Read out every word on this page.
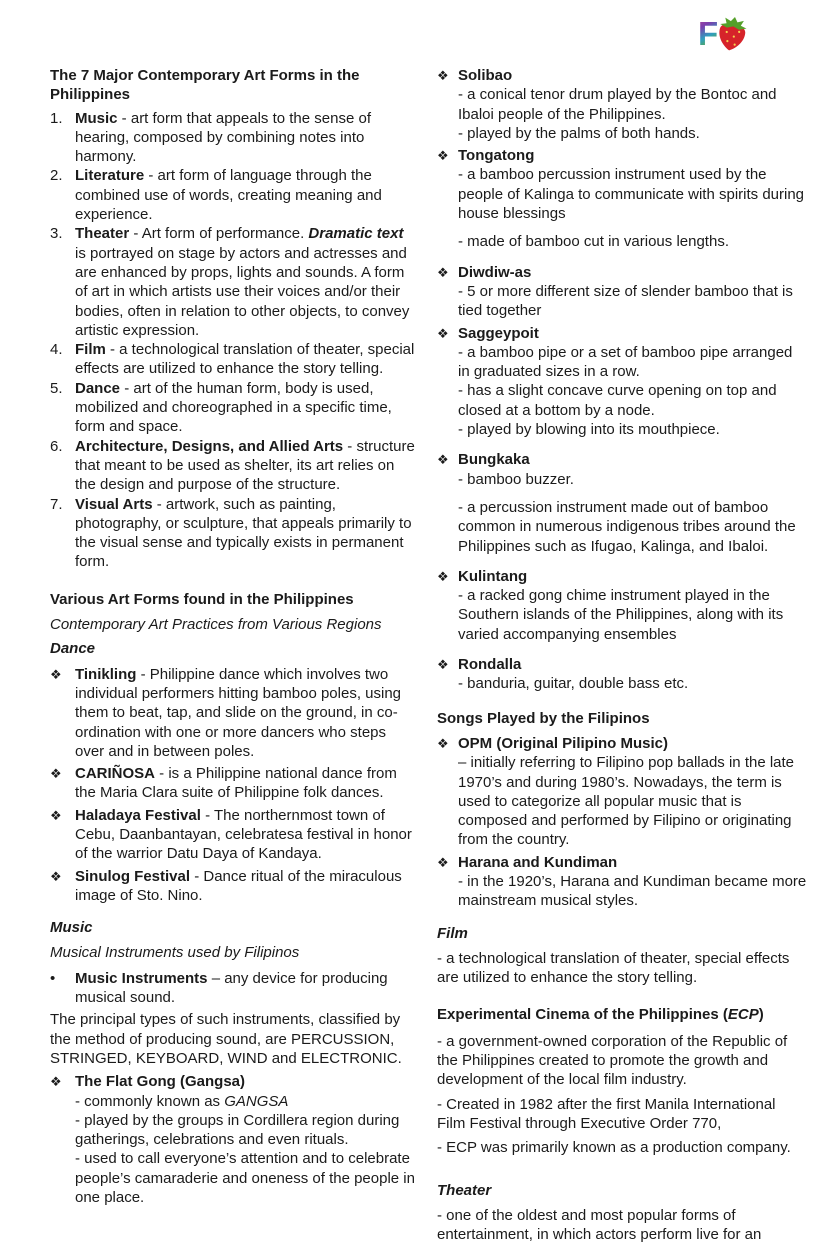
F
The 7 Major Contemporary Art Forms in the Philippines
1. Music - art form that appeals to the sense of hearing, composed by combining notes into harmony.
2. Literature - art form of language through the combined use of words, creating meaning and experience.
3. Theater - Art form of performance. Dramatic text is portrayed on stage by actors and actresses and are enhanced by props, lights and sounds. A form of art in which artists use their voices and/or their bodies, often in relation to other objects, to convey artistic expression.
4. Film - a technological translation of theater, special effects are utilized to enhance the story telling.
5. Dance - art of the human form, body is used, mobilized and choreographed in a specific time, form and space.
6. Architecture, Designs, and Allied Arts - structure that meant to be used as shelter, its art relies on the design and purpose of the structure.
7. Visual Arts - artwork, such as painting, photography, or sculpture, that appeals primarily to the visual sense and typically exists in permanent form.
Various Art Forms found in the Philippines
Contemporary Art Practices from Various Regions
Dance
❖ Tinikling - Philippine dance which involves two individual performers hitting bamboo poles, using them to beat, tap, and slide on the ground, in co-ordination with one or more dancers who steps over and in between poles.
❖ CARIÑOSA - is a Philippine national dance from the Maria Clara suite of Philippine folk dances.
❖ Haladaya Festival - The northernmost town of Cebu, Daanbantayan, celebratesa festival in honor of the warrior Datu Daya of Kandaya.
❖ Sinulog Festival - Dance ritual of the miraculous image of Sto. Nino.
Music
Musical Instruments used by Filipinos
•	Music Instruments – any device for producing musical sound.
The principal types of such instruments, classified by the method of producing sound, are PERCUSSION, STRINGED, KEYBOARD, WIND and ELECTRONIC.
❖ The Flat Gong (Gangsa)
- commonly known as GANGSA
- played by the groups in Cordillera region during gatherings, celebrations and even rituals.
- used to call everyone’s attention and to celebrate people’s camaraderie and oneness of the people in one place.
❖ Solibao
- a conical tenor drum played by the Bontoc and Ibaloi people of the Philippines.
- played by the palms of both hands.
❖ Tongatong
- a bamboo percussion instrument used by the people of Kalinga to communicate with spirits during house blessings
- made of bamboo cut in various lengths.
❖ Diwdiw-as
- 5 or more different size of slender bamboo that is tied together
❖ Saggeypoit
- a bamboo pipe or a set of bamboo pipe arranged in graduated sizes in a row.
- has a slight concave curve opening on top and closed at a bottom by a node.
- played by blowing into its mouthpiece.
❖ Bungkaka
- bamboo buzzer.
- a percussion instrument made out of bamboo common in numerous indigenous tribes around the Philippines such as Ifugao, Kalinga, and Ibaloi.
❖ Kulintang
- a racked gong chime instrument played in the Southern islands of the Philippines, along with its varied accompanying ensembles
❖ Rondalla
- banduria, guitar, double bass etc.
Songs Played by the Filipinos
❖ OPM (Original Pilipino Music)
– initially referring to Filipino pop ballads in the late 1970’s and during 1980’s. Nowadays, the term is used to categorize all popular music that is composed and performed by Filipino or originating from the country.
❖ Harana and Kundiman
- in the 1920’s, Harana and Kundiman became more mainstream musical styles.
Film
- a technological translation of theater, special effects are utilized to enhance the story telling.
Experimental Cinema of the Philippines (ECP)
- a government-owned corporation of the Republic of the Philippines created to promote the growth and development of the local film industry.
- Created in 1982 after the first Manila International Film Festival through Executive Order 770,
- ECP was primarily known as a production company.
Theater
- one of the oldest and most popular forms of entertainment, in which actors perform live for an
